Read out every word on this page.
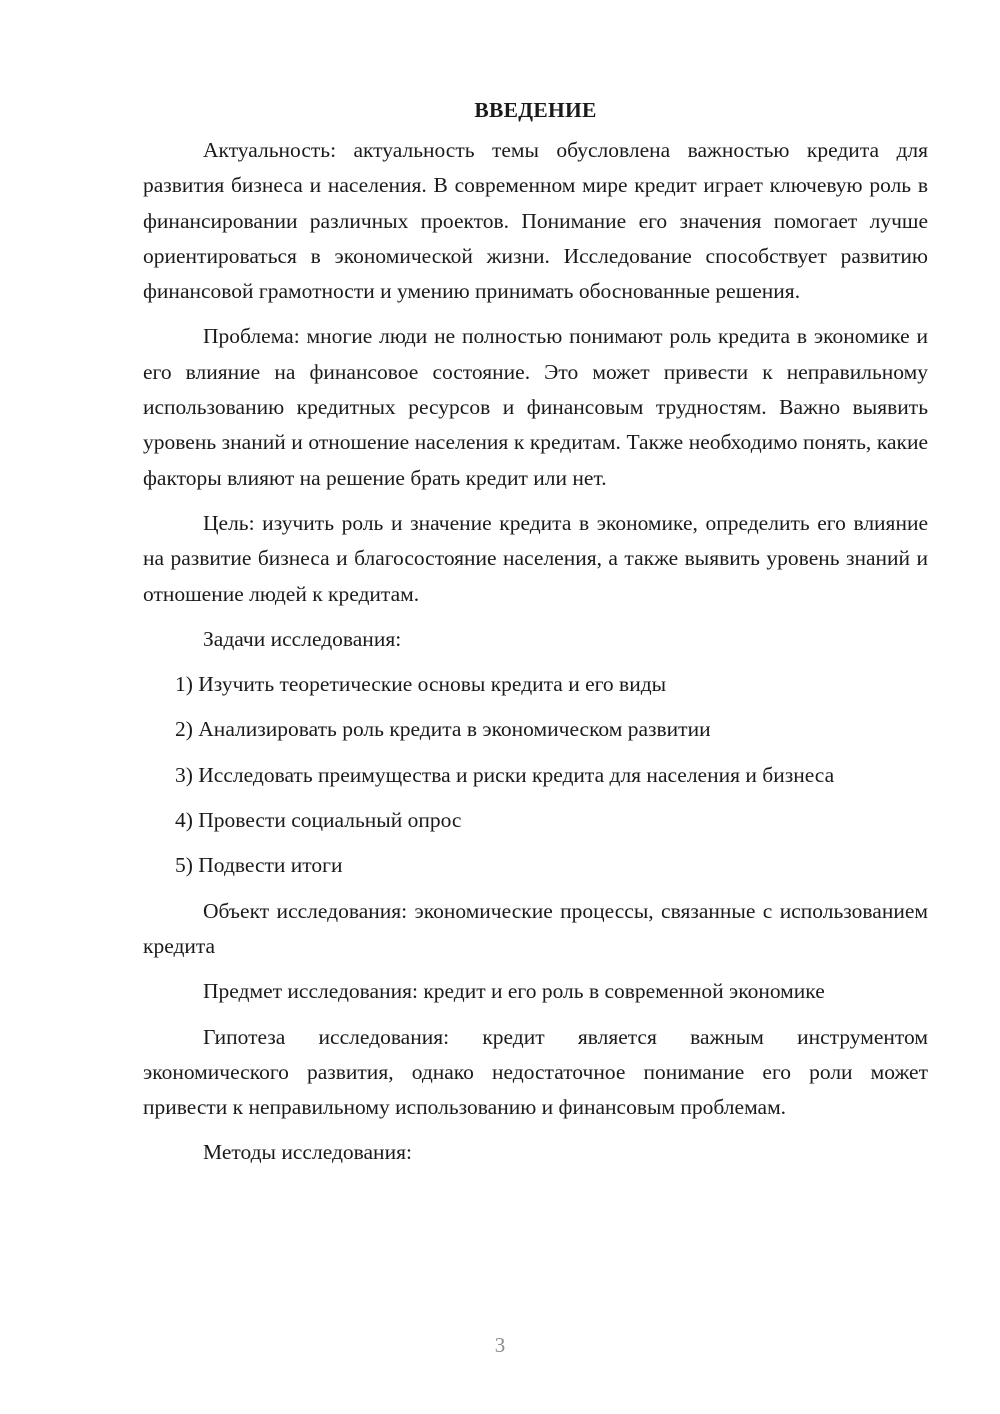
ВВЕДЕНИЕ

Актуальность: актуальность темы обусловлена важностью кредита для развития бизнеса и населения. В современном мире кредит играет ключевую роль в финансировании различных проектов. Понимание его значения помогает лучше ориентироваться в экономической жизни. Исследование способствует развитию финансовой грамотности и умению принимать обоснованные решения.

Проблема: многие люди не полностью понимают роль кредита в экономике и его влияние на финансовое состояние. Это может привести к неправильному использованию кредитных ресурсов и финансовым трудностям. Важно выявить уровень знаний и отношение населения к кредитам. Также необходимо понять, какие факторы влияют на решение брать кредит или нет.

Цель: изучить роль и значение кредита в экономике, определить его влияние на развитие бизнеса и благосостояние населения, а также выявить уровень знаний и отношение людей к кредитам.

Задачи исследования:

1) Изучить теоретические основы кредита и его виды
2) Анализировать роль кредита в экономическом развитии
3) Исследовать преимущества и риски кредита для населения и бизнеса
4) Провести социальный опрос
5) Подвести итоги

Объект исследования: экономические процессы, связанные с использованием кредита

Предмет исследования: кредит и его роль в современной экономике

Гипотеза исследования: кредит является важным инструментом экономического развития, однако недостаточное понимание его роли может привести к неправильному использованию и финансовым проблемам.

Методы исследования:

3
